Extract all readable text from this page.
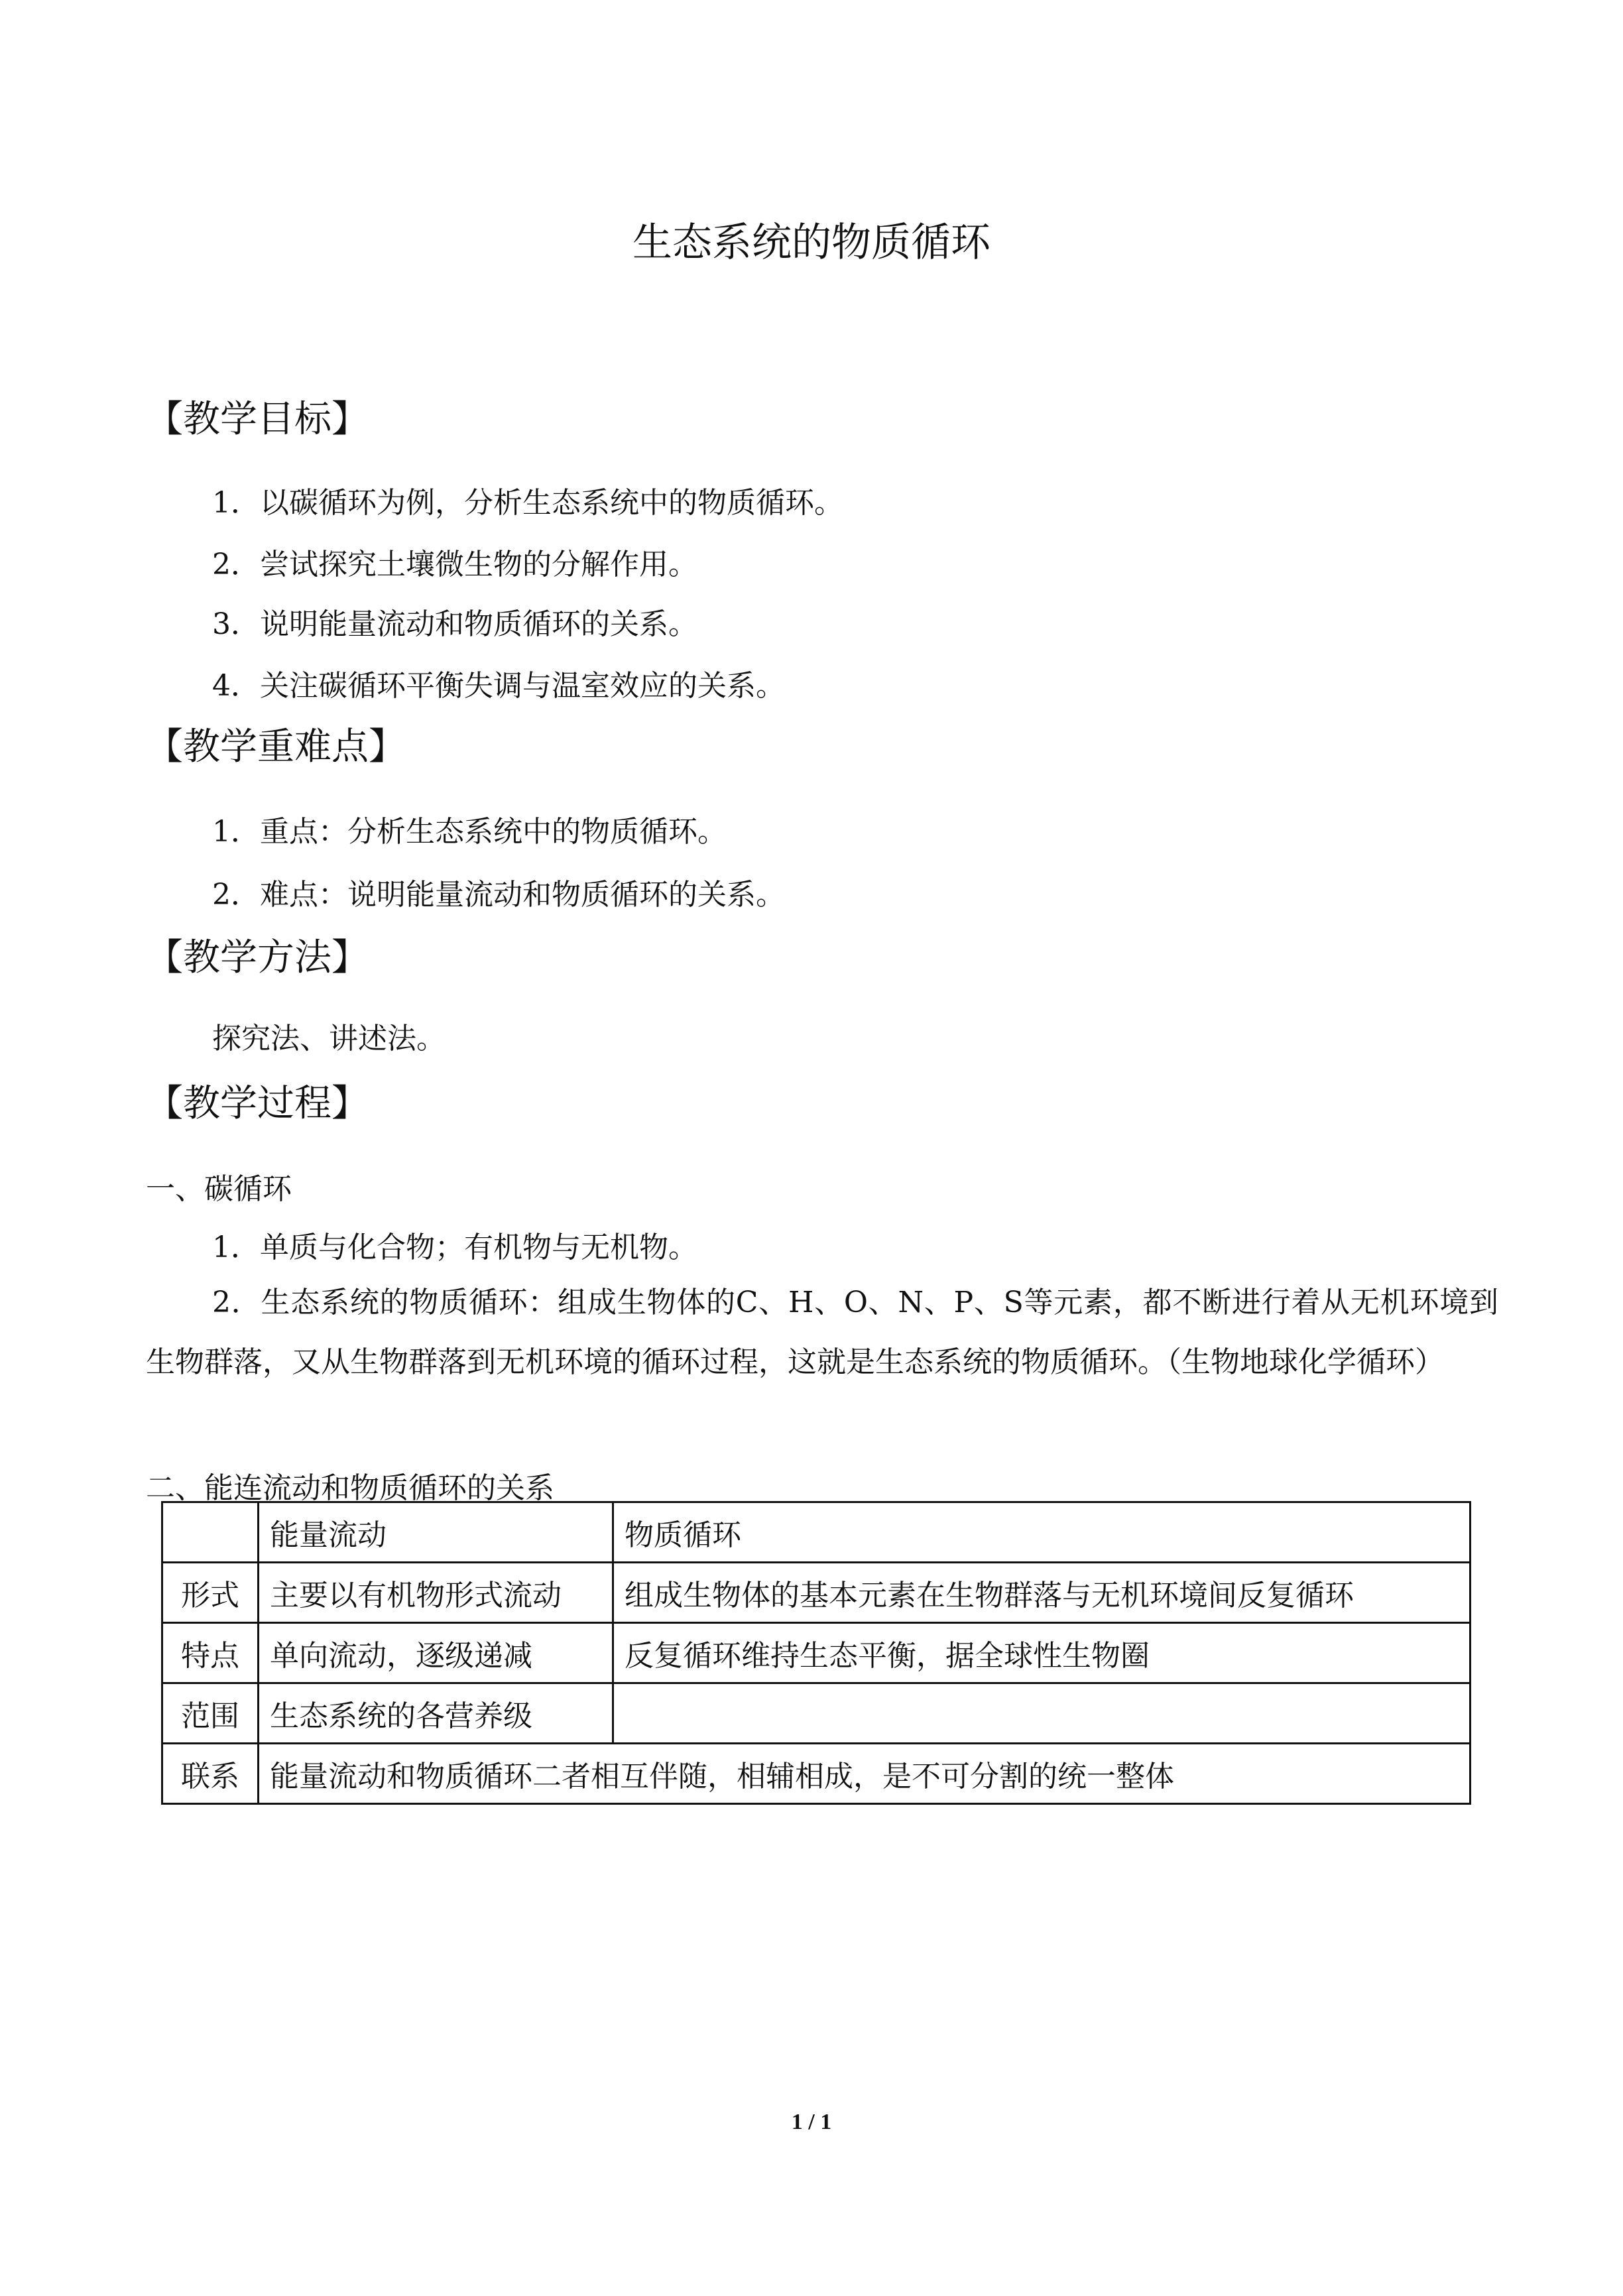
生态系统的物质循环
【教学目标】
1．以碳循环为例，分析生态系统中的物质循环。
2．尝试探究土壤微生物的分解作用。
3．说明能量流动和物质循环的关系。
4．关注碳循环平衡失调与温室效应的关系。
【教学重难点】
1．重点：分析生态系统中的物质循环。
2．难点：说明能量流动和物质循环的关系。
【教学方法】
探究法、讲述法。
【教学过程】
一、碳循环
1．单质与化合物；有机物与无机物。
2．生态系统的物质循环：组成生物体的C、H、O、N、P、S等元素，都不断进行着从无机环境到生物群落，又从生物群落到无机环境的循环过程，这就是生态系统的物质循环。（生物地球化学循环）
二、能连流动和物质循环的关系
	能量流动	物质循环
形式	主要以有机物形式流动	组成生物体的基本元素在生物群落与无机环境间反复循环
特点	单向流动，逐级递减	反复循环维持生态平衡，据全球性生物圈
范围	生态系统的各营养级	
联系	能量流动和物质循环二者相互伴随，相辅相成，是不可分割的统一整体	
1 / 1
